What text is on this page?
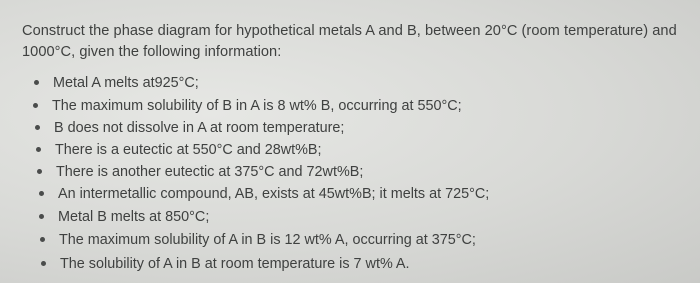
Construct the phase diagram for hypothetical metals A and B, between 20°C (room temperature) and 1000°C, given the following information:
Metal A melts at925°C;
The maximum solubility of B in A is 8 wt% B, occurring at 550°C;
B does not dissolve in A at room temperature;
There is a eutectic at 550°C and 28wt%B;
There is another eutectic at 375°C and 72wt%B;
An intermetallic compound, AB, exists at 45wt%B; it melts at 725°C;
Metal B melts at 850°C;
The maximum solubility of A in B is 12 wt% A, occurring at 375°C;
The solubility of A in B at room temperature is 7 wt% A.
